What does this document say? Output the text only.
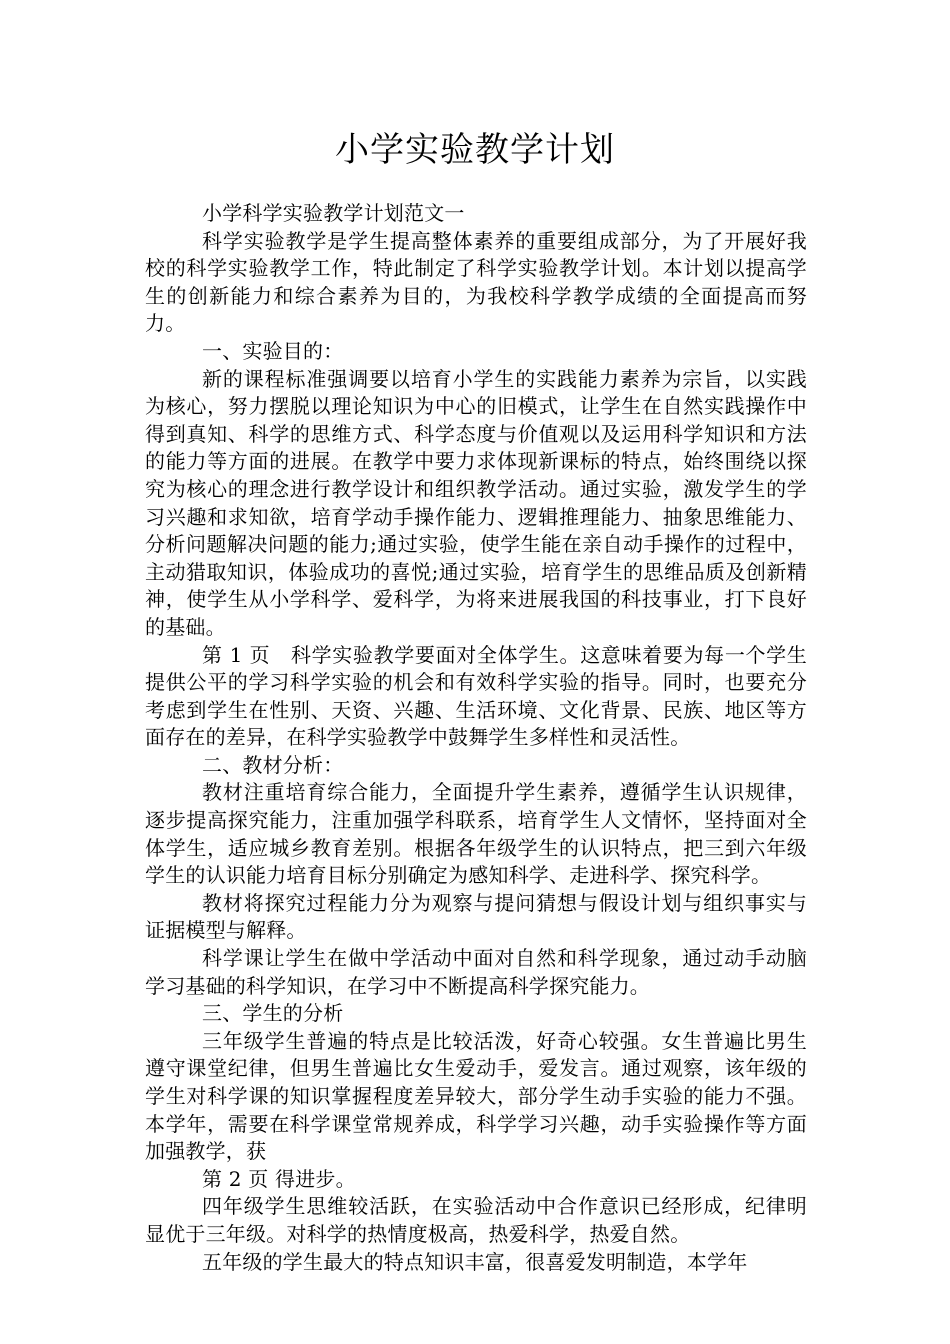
小学实验教学计划

小学科学实验教学计划范文一

科学实验教学是学生提高整体素养的重要组成部分，为了开展好我校的科学实验教学工作，特此制定了科学实验教学计划。本计划以提高学生的创新能力和综合素养为目的，为我校科学教学成绩的全面提高而努力。

一、实验目的：

新的课程标准强调要以培育小学生的实践能力素养为宗旨，以实践为核心，努力摆脱以理论知识为中心的旧模式，让学生在自然实践操作中得到真知、科学的思维方式、科学态度与价值观以及运用科学知识和方法的能力等方面的进展。在教学中要力求体现新课标的特点，始终围绕以探究为核心的理念进行教学设计和组织教学活动。通过实验，激发学生的学习兴趣和求知欲，培育学动手操作能力、逻辑推理能力、抽象思维能力、分析问题解决问题的能力;通过实验，使学生能在亲自动手操作的过程中，主动猎取知识，体验成功的喜悦;通过实验，培育学生的思维品质及创新精神，使学生从小学科学、爱科学，为将来进展我国的科技事业，打下良好的基础。

第 1 页　科学实验教学要面对全体学生。这意味着要为每一个学生提供公平的学习科学实验的机会和有效科学实验的指导。同时，也要充分考虑到学生在性别、天资、兴趣、生活环境、文化背景、民族、地区等方面存在的差异，在科学实验教学中鼓舞学生多样性和灵活性。

二、教材分析：

教材注重培育综合能力，全面提升学生素养，遵循学生认识规律，逐步提高探究能力，注重加强学科联系，培育学生人文情怀，坚持面对全体学生，适应城乡教育差别。根据各年级学生的认识特点，把三到六年级学生的认识能力培育目标分别确定为感知科学、走进科学、探究科学。

教材将探究过程能力分为观察与提问猜想与假设计划与组织事实与证据模型与解释。

科学课让学生在做中学活动中面对自然和科学现象，通过动手动脑学习基础的科学知识，在学习中不断提高科学探究能力。

三、学生的分析

三年级学生普遍的特点是比较活泼，好奇心较强。女生普遍比男生遵守课堂纪律，但男生普遍比女生爱动手，爱发言。通过观察，该年级的学生对科学课的知识掌握程度差异较大，部分学生动手实验的能力不强。本学年，需要在科学课堂常规养成，科学学习兴趣，动手实验操作等方面加强教学，获

第 2 页 得进步。

四年级学生思维较活跃，在实验活动中合作意识已经形成，纪律明显优于三年级。对科学的热情度极高，热爱科学，热爱自然。

五年级的学生最大的特点知识丰富，很喜爱发明制造，本学年
